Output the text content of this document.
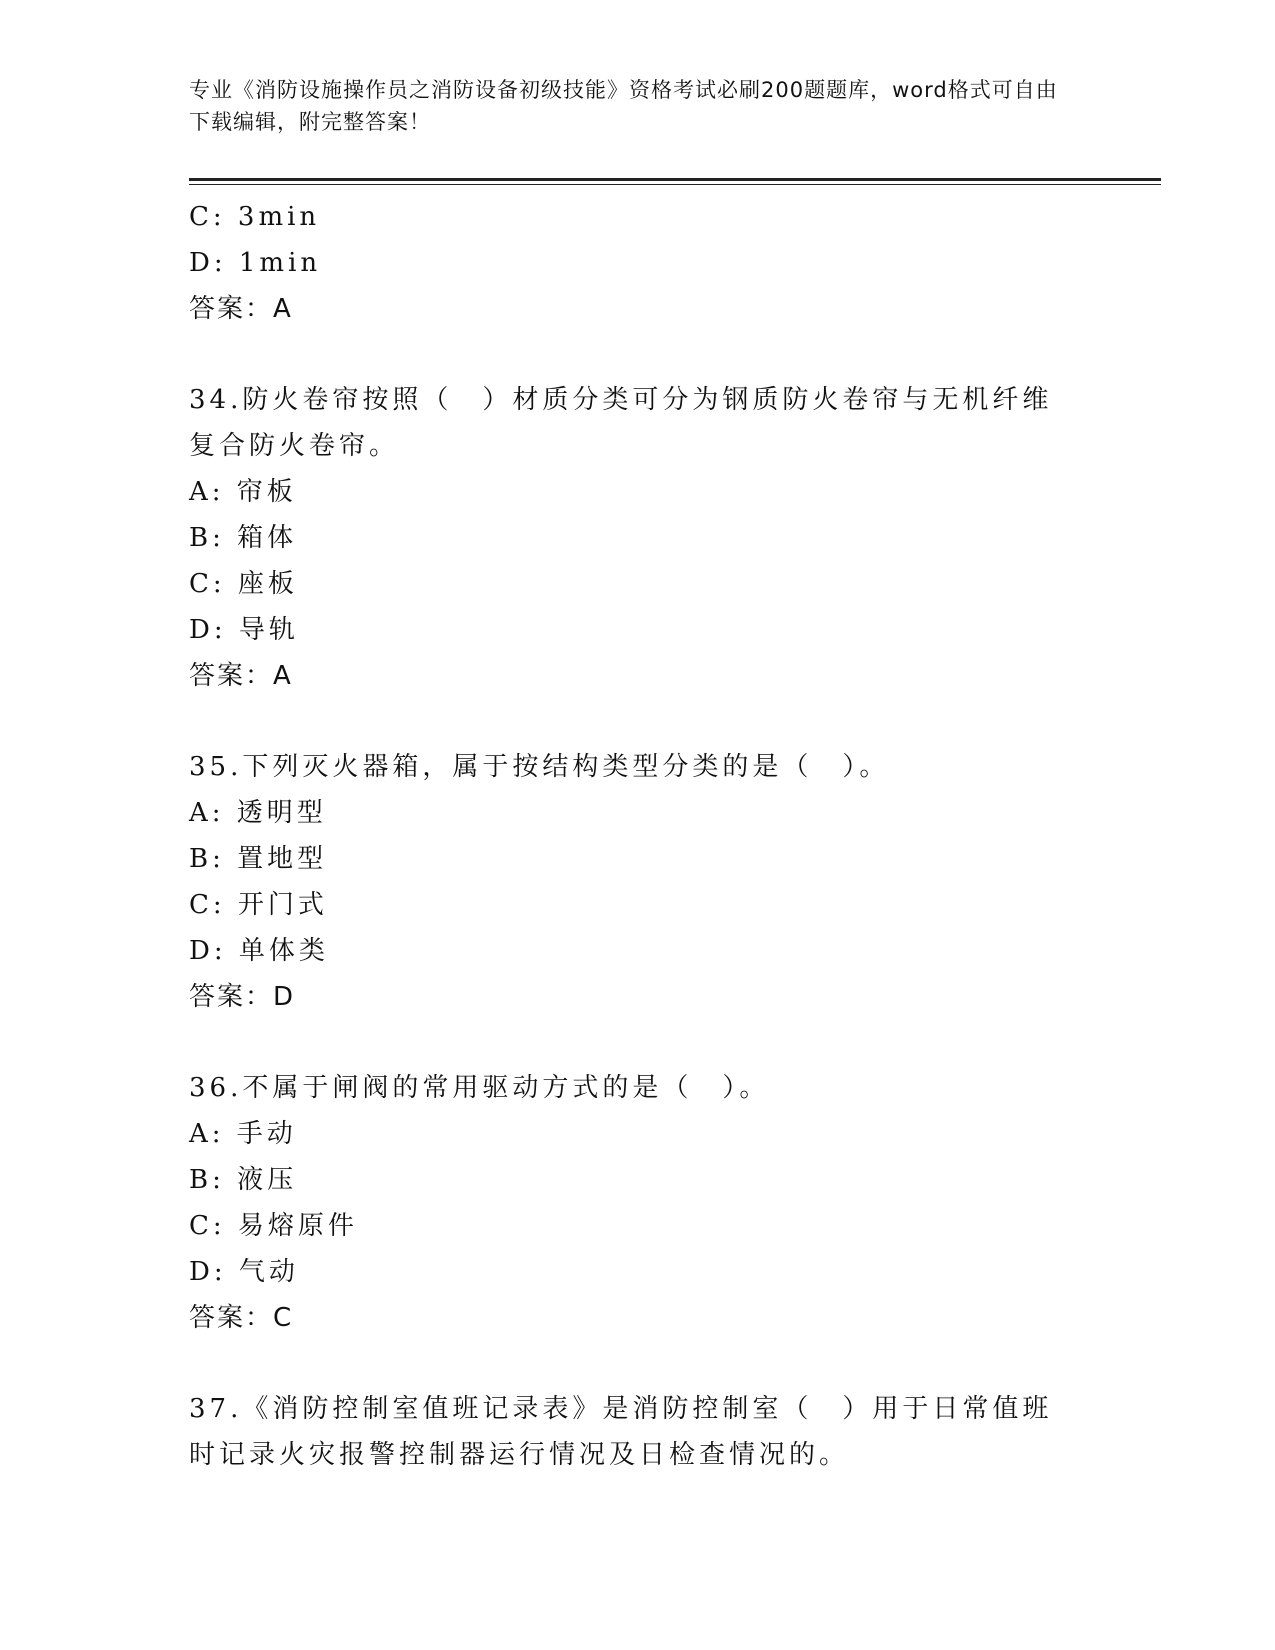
专业《消防设施操作员之消防设备初级技能》资格考试必刷200题题库，word格式可自由下载编辑，附完整答案！
C: 3min
D: 1min
答案：A
34.防火卷帘按照（　）材质分类可分为钢质防火卷帘与无机纤维复合防火卷帘。
A: 帘板
B: 箱体
C: 座板
D: 导轨
答案：A
35.下列灭火器箱，属于按结构类型分类的是（　）。
A: 透明型
B: 置地型
C: 开门式
D: 单体类
答案：D
36.不属于闸阀的常用驱动方式的是（　）。
A: 手动
B: 液压
C: 易熔原件
D: 气动
答案：C
37.《消防控制室值班记录表》是消防控制室（　）用于日常值班时记录火灾报警控制器运行情况及日检查情况的。
